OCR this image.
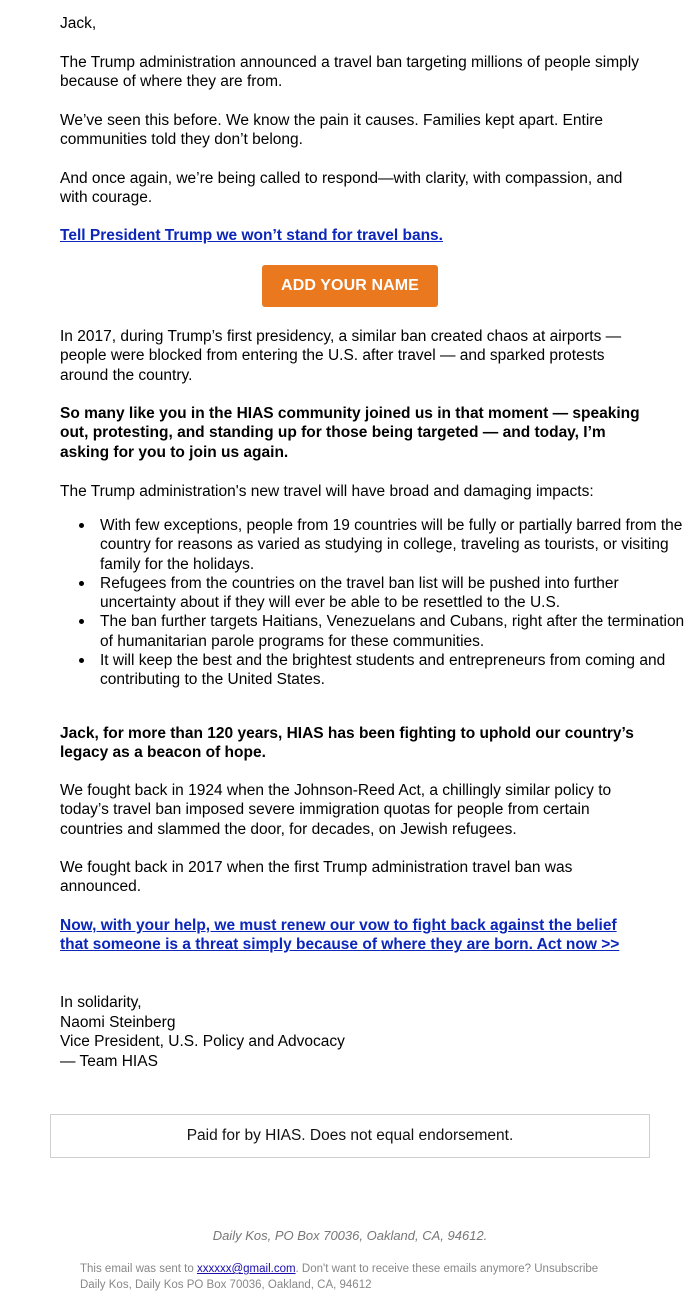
Jack,

The Trump administration announced a travel ban targeting millions of people simply because of where they are from.

We’ve seen this before. We know the pain it causes. Families kept apart. Entire communities told they don’t belong.

And once again, we’re being called to respond—with clarity, with compassion, and with courage.

Tell President Trump we won’t stand for travel bans.

ADD YOUR NAME

In 2017, during Trump’s first presidency, a similar ban created chaos at airports — people were blocked from entering the U.S. after travel — and sparked protests around the country.

So many like you in the HIAS community joined us in that moment — speaking out, protesting, and standing up for those being targeted — and today, I’m asking for you to join us again.

The Trump administration's new travel will have broad and damaging impacts:

With few exceptions, people from 19 countries will be fully or partially barred from the country for reasons as varied as studying in college, traveling as tourists, or visiting family for the holidays.
Refugees from the countries on the travel ban list will be pushed into further uncertainty about if they will ever be able to be resettled to the U.S.
The ban further targets Haitians, Venezuelans and Cubans, right after the termination of humanitarian parole programs for these communities.
It will keep the best and the brightest students and entrepreneurs from coming and contributing to the United States.

Jack, for more than 120 years, HIAS has been fighting to uphold our country’s legacy as a beacon of hope.

We fought back in 1924 when the Johnson-Reed Act, a chillingly similar policy to today’s travel ban imposed severe immigration quotas for people from certain countries and slammed the door, for decades, on Jewish refugees.

We fought back in 2017 when the first Trump administration travel ban was announced.

Now, with your help, we must renew our vow to fight back against the belief that someone is a threat simply because of where they are born. Act now >>

In solidarity,
Naomi Steinberg
Vice President, U.S. Policy and Advocacy
— Team HIAS
Paid for by HIAS. Does not equal endorsement.
Daily Kos, PO Box 70036, Oakland, CA, 94612.
This email was sent to xxxxxx@gmail.com. Don't want to receive these emails anymore? Unsubscribe
Daily Kos, Daily Kos PO Box 70036, Oakland, CA, 94612
